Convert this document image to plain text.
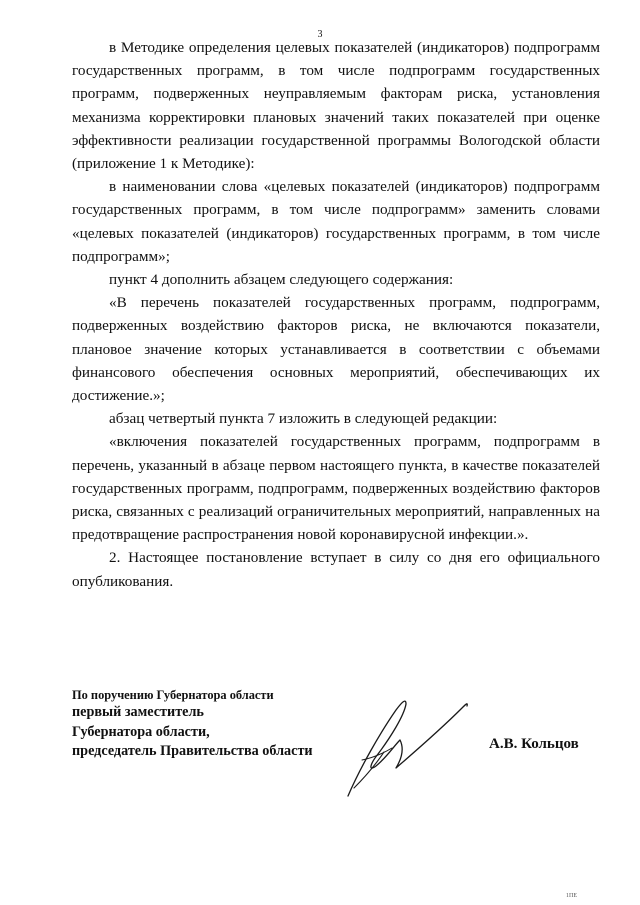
3

в Методике определения целевых показателей (индикаторов) подпрограмм государственных программ, в том числе подпрограмм государственных программ, подверженных неуправляемым факторам риска, установления механизма корректировки плановых значений таких показателей при оценке эффективности реализации государственной программы Вологодской области (приложение 1 к Методике):

в наименовании слова «целевых показателей (индикаторов) подпрограмм государственных программ, в том числе подпрограмм» заменить словами «целевых показателей (индикаторов) государственных программ, в том числе подпрограмм»;

пункт 4 дополнить абзацем следующего содержания:

«В перечень показателей государственных программ, подпрограмм, подверженных воздействию факторов риска, не включаются показатели, плановое значение которых устанавливается в соответствии с объемами финансового обеспечения основных мероприятий, обеспечивающих их достижение.»;

абзац четвертый пункта 7 изложить в следующей редакции:

«включения показателей государственных программ, подпрограмм в перечень, указанный в абзаце первом настоящего пункта, в качестве показателей государственных программ, подпрограмм, подверженных воздействию факторов риска, связанных с реализаций ограничительных мероприятий, направленных на предотвращение распространения новой коронавирусной инфекции.».

2. Настоящее постановление вступает в силу со дня его официального опубликования.

По поручению Губернатора области
первый заместитель
Губернатора области,
председатель Правительства области	А.В. Кольцов
1ПЕ
